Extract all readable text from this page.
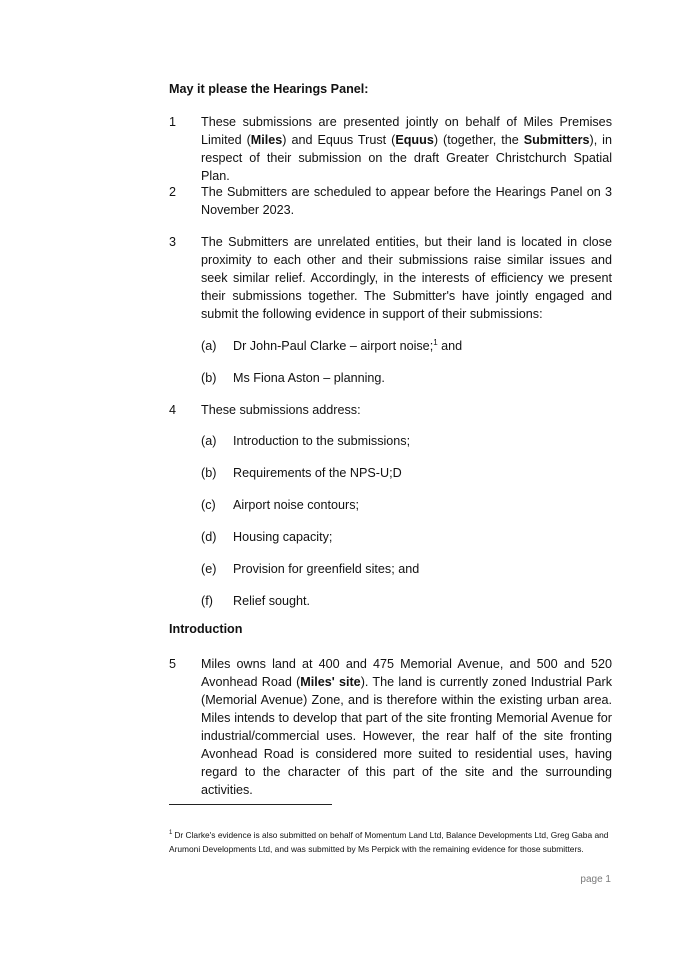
May it please the Hearings Panel:
1 These submissions are presented jointly on behalf of Miles Premises Limited (Miles) and Equus Trust (Equus) (together, the Submitters), in respect of their submission on the draft Greater Christchurch Spatial Plan.
2 The Submitters are scheduled to appear before the Hearings Panel on 3 November 2023.
3 The Submitters are unrelated entities, but their land is located in close proximity to each other and their submissions raise similar issues and seek similar relief. Accordingly, in the interests of efficiency we present their submissions together. The Submitter's have jointly engaged and submit the following evidence in support of their submissions:
(a) Dr John-Paul Clarke – airport noise;$^1$ and
(b) Ms Fiona Aston – planning.
4 These submissions address:
(a) Introduction to the submissions;
(b) Requirements of the NPS-U;D
(c) Airport noise contours;
(d) Housing capacity;
(e) Provision for greenfield sites; and
(f) Relief sought.
Introduction
5 Miles owns land at 400 and 475 Memorial Avenue, and 500 and 520 Avonhead Road (Miles' site). The land is currently zoned Industrial Park (Memorial Avenue) Zone, and is therefore within the existing urban area. Miles intends to develop that part of the site fronting Memorial Avenue for industrial/commercial uses. However, the rear half of the site fronting Avonhead Road is considered more suited to residential uses, having regard to the character of this part of the site and the surrounding activities.
$^1$ Dr Clarke's evidence is also submitted on behalf of Momentum Land Ltd, Balance Developments Ltd, Greg Gaba and Arumoni Developments Ltd, and was submitted by Ms Perpick with the remaining evidence for those submitters.
page 1
